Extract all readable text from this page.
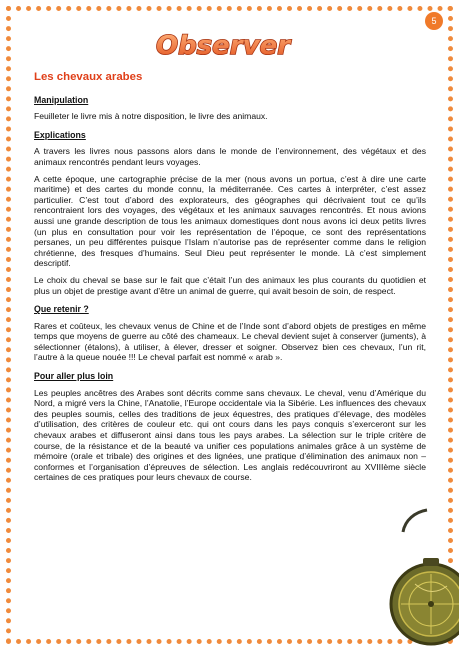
5
Observer
Les chevaux arabes
Manipulation

Feuilleter le livre mis à notre disposition, le livre des animaux.

Explications

A travers les livres nous passons alors dans le monde de l’environnement, des végétaux et des animaux rencontrés pendant leurs voyages.

A cette époque, une cartographie précise de la mer (nous avons un portua, c’est à dire une carte maritime) et des cartes du monde connu, la méditerranée. Ces cartes à interpréter, c’est assez particulier. C’est tout d’abord des explorateurs, des géographes qui décrivaient tout ce qu’ils rencontraient lors des voyages, des végétaux et les animaux sauvages rencontrés. Et nous avions aussi une grande description de tous les animaux domestiques dont nous avons ici deux petits livres (un plus en consultation pour voir les représentation de l’époque, ce sont des représentations persanes, un peu différentes puisque l’Islam n’autorise pas de représenter comme dans le religion chrétienne, des fresques d’humains. Seul Dieu peut représenter le monde. Là c’est simplement descriptif.

Le choix du cheval se base sur le fait que c’était l’un des animaux les plus courants du quotidien et plus un objet de prestige avant d’être un animal de guerre, qui avait besoin de soin, de respect.

Que retenir ?

Rares et coûteux, les chevaux venus de Chine et de l’Inde sont d’abord objets de prestiges en même temps que moyens de guerre au côté des chameaux. Le cheval devient sujet à conserver (juments), à sélectionner (étalons), à utiliser, à élever, dresser et soigner. Observez bien ces chevaux, l’un rit, l’autre à la queue nouée !!! Le cheval parfait est nommé « arab ».

Pour aller plus loin

Les peuples ancêtres des Arabes sont décrits comme sans chevaux. Le cheval, venu d’Amérique du Nord, a migré vers la Chine, l’Anatolie, l’Europe occidentale via la Sibérie. Les influences des chevaux des peuples soumis, celles des traditions de jeux équestres, des pratiques d’élevage, des modèles d’utilisation, des critères de couleur etc. qui ont cours dans les pays conquis s’exerceront sur les chevaux arabes et diffuseront ainsi dans tous les pays arabes. La sélection sur le triple critère de course, de la résistance et de la beauté va unifier ces populations animales grâce à un système de mémoire (orale et tribale) des origines et des lignées, une pratique d’élimination des animaux non –conformes et l’organisation d’épreuves de sélection. Les anglais redécouvriront au XVIIIème siècle certaines de ces pratiques pour leurs chevaux de course.
